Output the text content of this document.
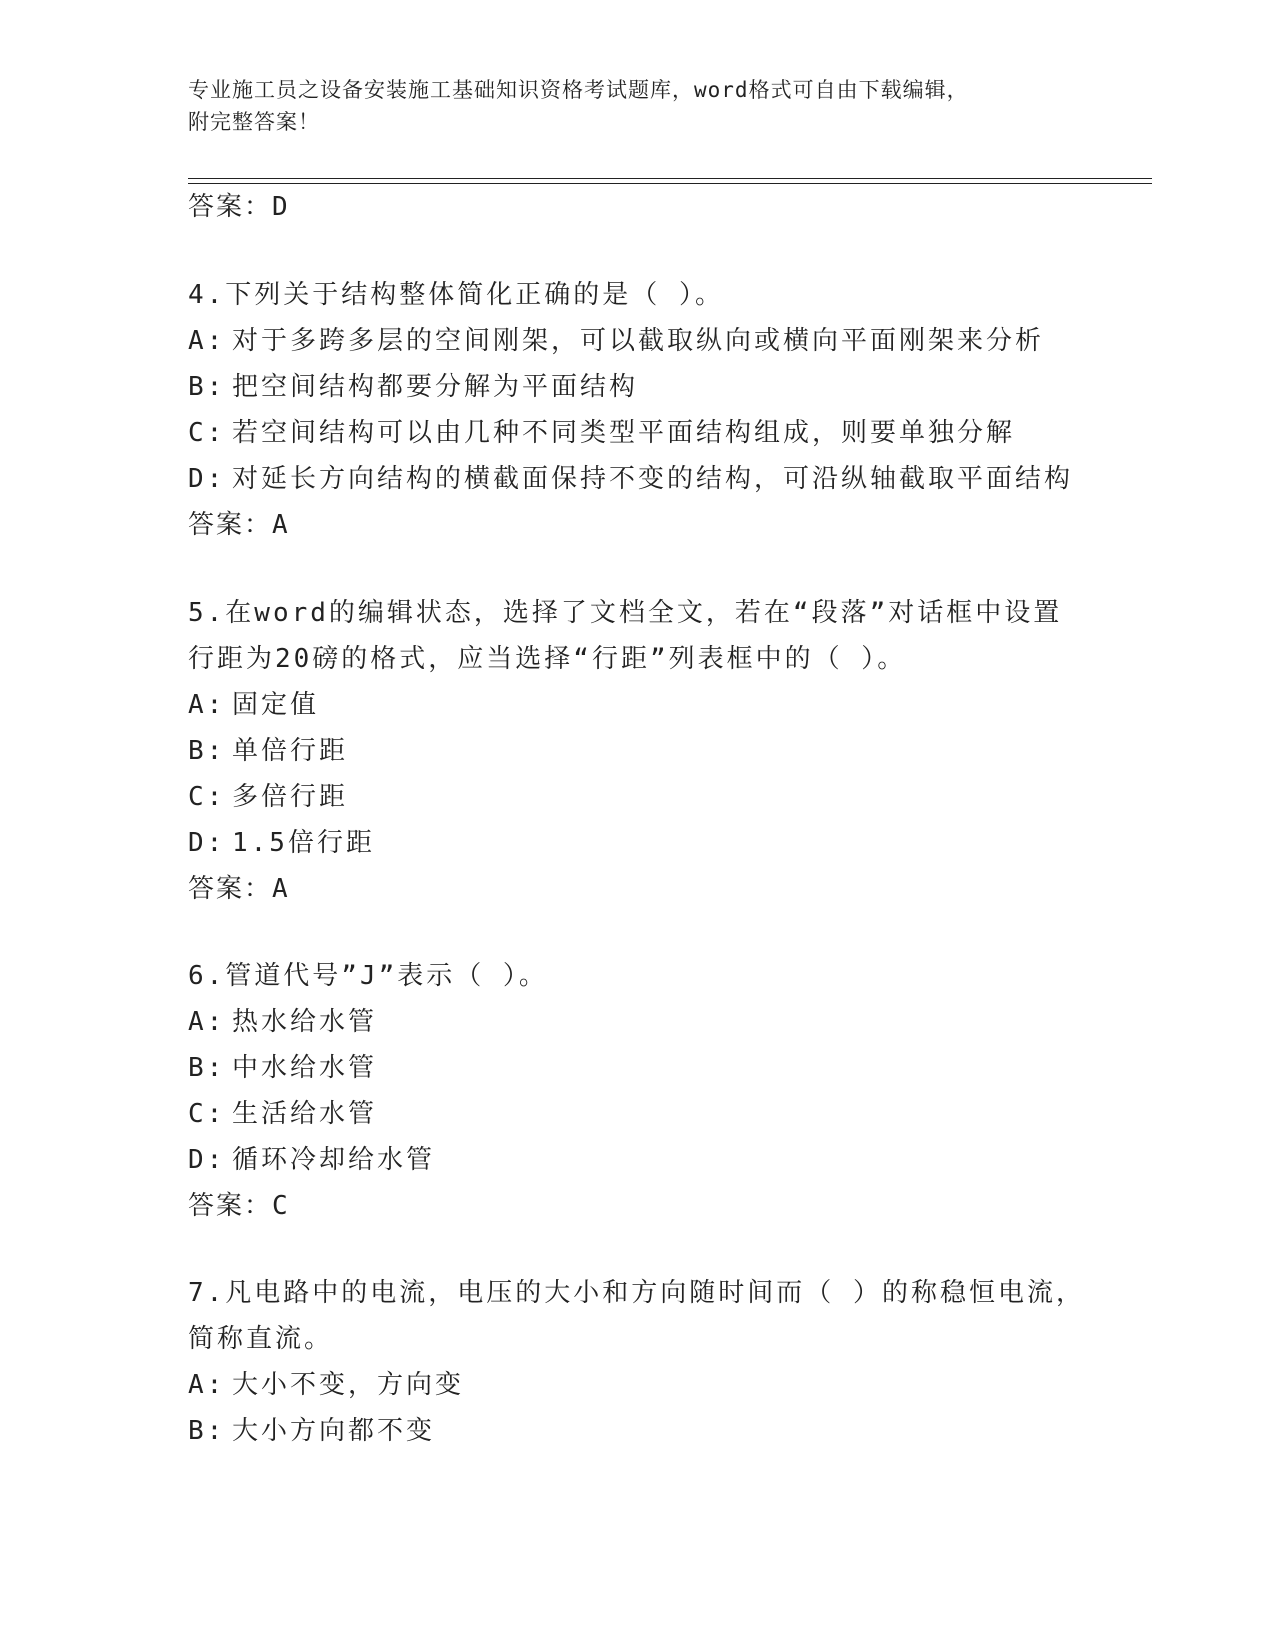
专业施工员之设备安装施工基础知识资格考试题库，word格式可自由下载编辑，
附完整答案！
答案：D
4.下列关于结构整体简化正确的是（ ）。
A: 对于多跨多层的空间刚架，可以截取纵向或横向平面刚架来分析
B: 把空间结构都要分解为平面结构
C: 若空间结构可以由几种不同类型平面结构组成，则要单独分解
D: 对延长方向结构的横截面保持不变的结构，可沿纵轴截取平面结构
答案：A
5.在word的编辑状态，选择了文档全文，若在“段落”对话框中设置
行距为20磅的格式，应当选择“行距”列表框中的（ ）。
A: 固定值
B: 单倍行距
C: 多倍行距
D: 1.5倍行距
答案：A
6.管道代号”J”表示（ ）。
A: 热水给水管
B: 中水给水管
C: 生活给水管
D: 循环冷却给水管
答案：C
7.凡电路中的电流，电压的大小和方向随时间而（ ）的称稳恒电流，
简称直流。
A: 大小不变，方向变
B: 大小方向都不变
